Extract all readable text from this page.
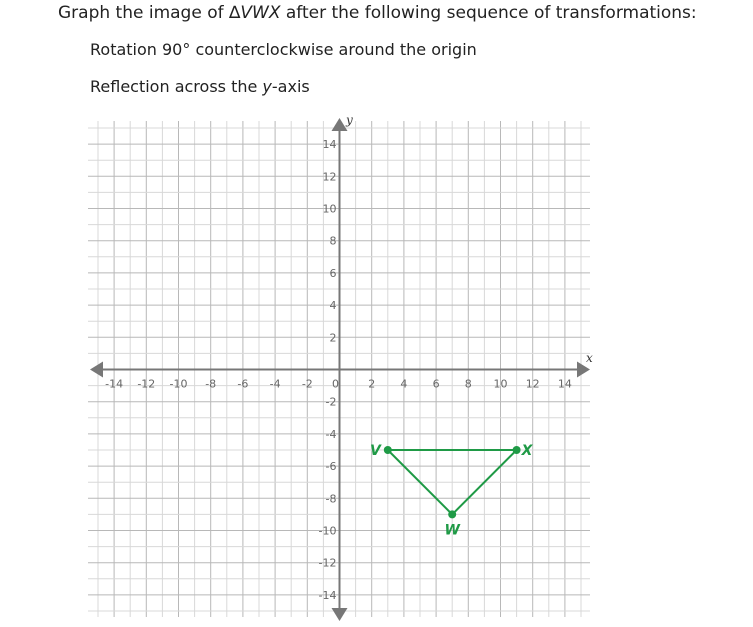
Graph the image of ∆VWX after the following sequence of transformations:
Rotation 90° counterclockwise around the origin
Reflection across the y-axis
x
y
-14 -12 -10 -8 -6 -4 -2 0	2 4 6 8 10 12 14
14
12
10
8
6
4
2
-2
-4
-6
-8
-10
-12
-14
V
W
X
